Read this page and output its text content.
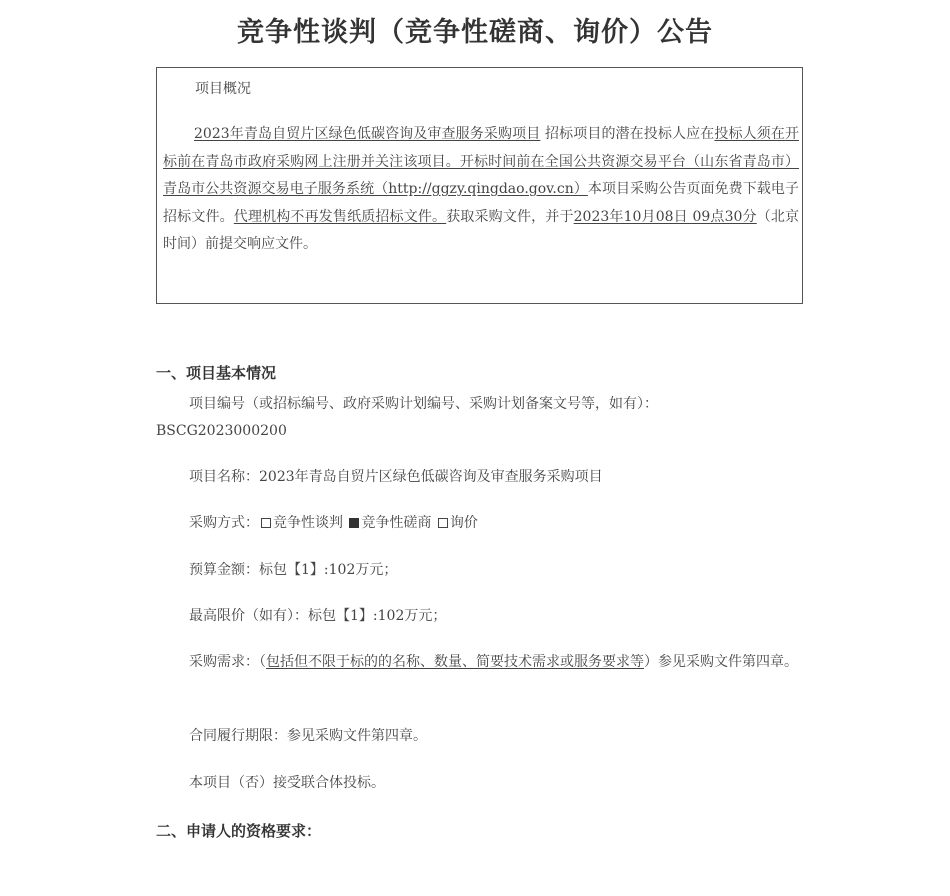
竞争性谈判（竞争性磋商、询价）公告
项目概况
2023年青岛自贸片区绿色低碳咨询及审查服务采购项目 招标项目的潜在投标人应在投标人须在开标前在青岛市政府采购网上注册并关注该项目。开标时间前在全国公共资源交易平台（山东省青岛市）青岛市公共资源交易电子服务系统（http://ggzy.qingdao.gov.cn）本项目采购公告页面免费下载电子招标文件。代理机构不再发售纸质招标文件。获取采购文件，并于2023年10月08日 09点30分（北京时间）前提交响应文件。
一、项目基本情况
项目编号（或招标编号、政府采购计划编号、采购计划备案文号等，如有）：
BSCG2023000200
项目名称：2023年青岛自贸片区绿色低碳咨询及审查服务采购项目
采购方式： 竞争性谈判 竞争性磋商 询价
预算金额：标包【1】:102万元；
最高限价（如有）：标包【1】:102万元；
采购需求：（包括但不限于标的的名称、数量、简要技术需求或服务要求等）参见采购文件第四章。
合同履行期限：参见采购文件第四章。
本项目（否）接受联合体投标。
二、申请人的资格要求：
